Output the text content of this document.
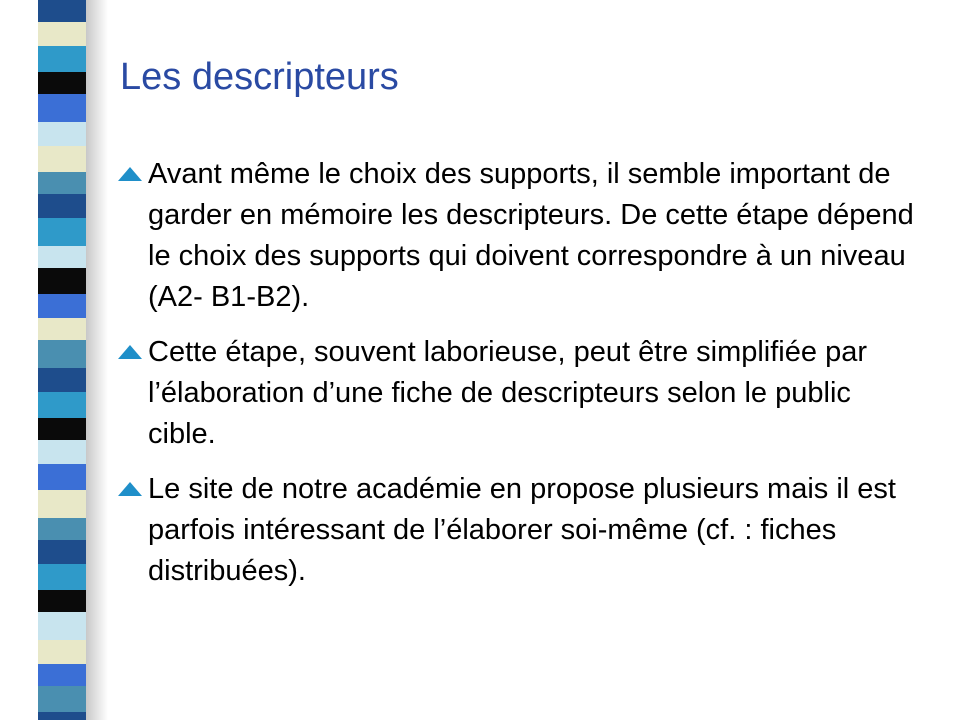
Les descripteurs
Avant même le choix des supports, il semble important de garder en mémoire les descripteurs. De cette étape dépend le choix des supports qui doivent correspondre à un niveau (A2- B1-B2).
Cette étape, souvent laborieuse, peut être simplifiée par l’élaboration d’une fiche de descripteurs selon le public cible.
Le site de notre académie en propose plusieurs mais il est parfois intéressant de l’élaborer soi-même (cf. : fiches distribuées).
